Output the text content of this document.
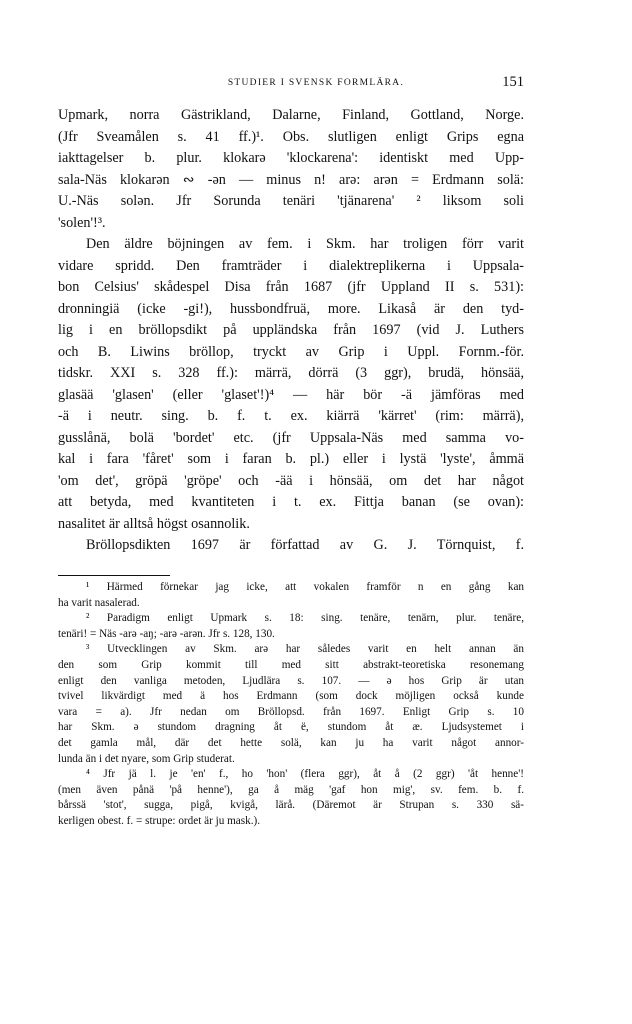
STUDIER I SVENSK FORMLÄRA.	151
Upmark, norra Gästrikland, Dalarne, Finland, Gottland, Norge.
(Jfr Sveamålen s. 41 ff.)¹. Obs. slutligen enligt Grips egna
iakttagelser b. plur. klokarə 'klockarena': identiskt med Upp-
sala-Näs klokarən ∾ -ən — minus n! arə: arən = Erdmann solä:
U.-Näs solən. Jfr Sorunda tenäri 'tjänarena' ² liksom soli
'solen'!³.
Den äldre böjningen av fem. i Skm. har troligen förr varit
vidare spridd. Den framträder i dialektreplikerna i Uppsala-
bon Celsius' skådespel Disa från 1687 (jfr Uppland II s. 531):
dronningiä (icke -gi!), hussbondfruä, more. Likaså är den tyd-
lig i en bröllopsdikt på uppländska från 1697 (vid J. Luthers
och B. Liwins bröllop, tryckt av Grip i Uppl. Fornm.-för.
tidskr. XXI s. 328 ff.): märrä, dörrä (3 ggr), brudä, hönsää,
glasää 'glasen' (eller 'glaset'!)⁴ — här bör -ä jämföras med
-ä i neutr. sing. b. f. t. ex. kiärrä 'kärret' (rim: märrä),
gusslånä, bolä 'bordet' etc. (jfr Uppsala-Näs med samma vo-
kal i fara 'fåret' som i faran b. pl.) eller i lystä 'lyste', åmmä
'om det', gröpä 'gröpe' och -ää i hönsää, om det har något
att betyda, med kvantiteten i t. ex. Fittja banan (se ovan):
nasalitet är alltså högst osannolik.
Bröllopsdikten 1697 är författad av G. J. Törnquist, f.
¹ Härmed förnekar jag icke, att vokalen framför n en gång kan
ha varit nasalerad.
² Paradigm enligt Upmark s. 18: sing. tenäre, tenärn, plur. tenäre,
tenäri! = Näs -arə -aŋ; -arə -arən. Jfr s. 128, 130.
³ Utvecklingen av Skm. arə har således varit en helt annan än
den som Grip kommit till med sitt abstrakt-teoretiska resonemang
enligt den vanliga metoden, Ljudlära s. 107. — ə hos Grip är utan
tvivel likvärdigt med ä hos Erdmann (som dock möjligen också kunde
vara = a). Jfr nedan om Bröllopsd. från 1697. Enligt Grip s. 10
har Skm. ə stundom dragning åt ë, stundom åt æ. Ljudsystemet i
det gamla mål, där det hette solä, kan ju ha varit något annor-
lunda än i det nyare, som Grip studerat.
⁴ Jfr jä l. je 'en' f., ho 'hon' (flera ggr), åt å (2 ggr) 'åt henne'!
(men även pånä 'på henne'), ga å mäg 'gaf hon mig', sv. fem. b. f.
bårssä 'stot', sugga, pigå, kvigå, lärå. (Däremot är Strupan s. 330 sä-
kerligen obest. f. = strupe: ordet är ju mask.).
